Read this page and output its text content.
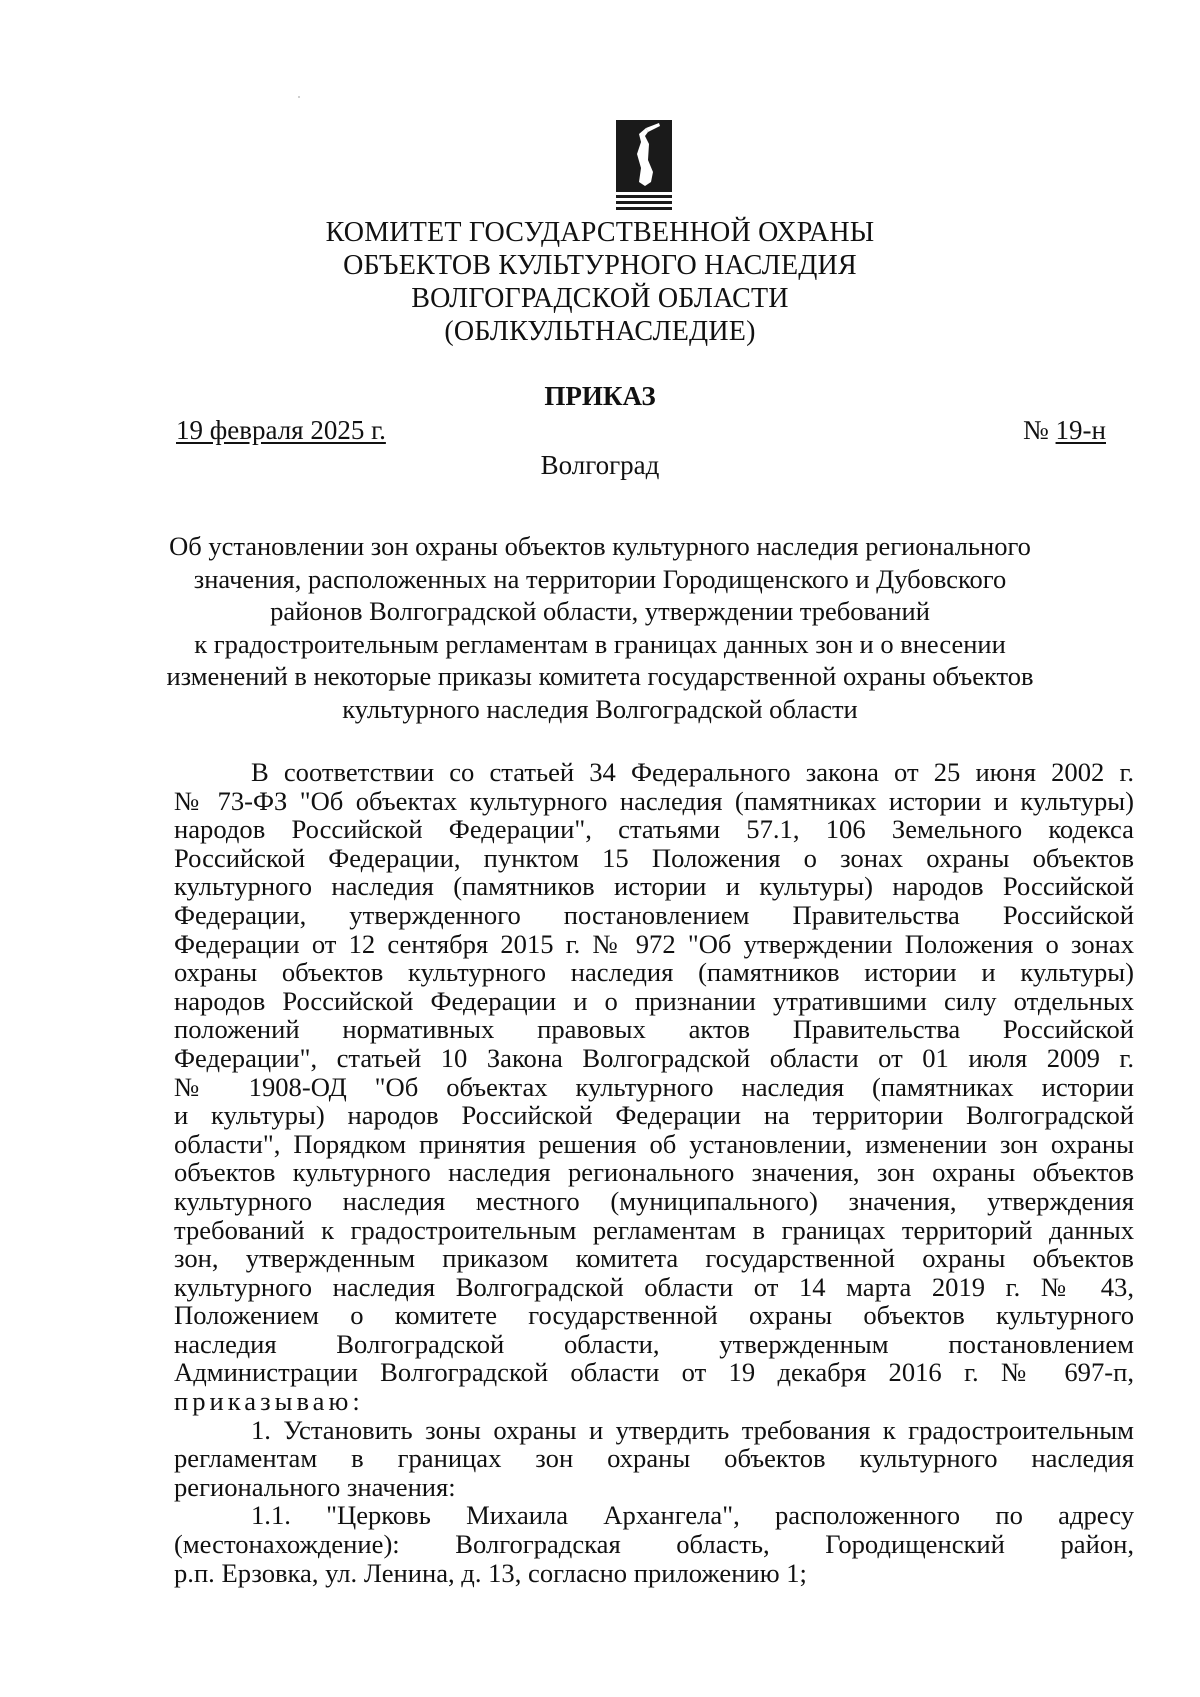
КОМИТЕТ ГОСУДАРСТВЕННОЙ ОХРАНЫ
ОБЪЕКТОВ КУЛЬТУРНОГО НАСЛЕДИЯ
ВОЛГОГРАДСКОЙ ОБЛАСТИ
(ОБЛКУЛЬТНАСЛЕДИЕ)
ПРИКАЗ
19 февраля 2025 г.	№ 19-н
Волгоград
Об установлении зон охраны объектов культурного наследия регионального
значения, расположенных на территории Городищенского и Дубовского
районов Волгоградской области, утверждении требований
к градостроительным регламентам в границах данных зон и о внесении
изменений в некоторые приказы комитета государственной охраны объектов
культурного наследия Волгоградской области
В соответствии со статьей 34 Федерального закона от 25 июня 2002 г.
№ 73-ФЗ "Об объектах культурного наследия (памятниках истории и культуры)
народов Российской Федерации", статьями 57.1, 106 Земельного кодекса
Российской Федерации, пунктом 15 Положения о зонах охраны объектов
культурного наследия (памятников истории и культуры) народов Российской
Федерации, утвержденного постановлением Правительства Российской
Федерации от 12 сентября 2015 г. № 972 "Об утверждении Положения о зонах
охраны объектов культурного наследия (памятников истории и культуры)
народов Российской Федерации и о признании утратившими силу отдельных
положений нормативных правовых актов Правительства Российской
Федерации", статьей 10 Закона Волгоградской области от 01 июля 2009 г.
№ 1908-ОД "Об объектах культурного наследия (памятниках истории
и культуры) народов Российской Федерации на территории Волгоградской
области", Порядком принятия решения об установлении, изменении зон охраны
объектов культурного наследия регионального значения, зон охраны объектов
культурного наследия местного (муниципального) значения, утверждения
требований к градостроительным регламентам в границах территорий данных
зон, утвержденным приказом комитета государственной охраны объектов
культурного наследия Волгоградской области от 14 марта 2019 г. № 43,
Положением о комитете государственной охраны объектов культурного
наследия Волгоградской области, утвержденным постановлением
Администрации Волгоградской области от 19 декабря 2016 г. № 697-п,
приказываю:
1. Установить зоны охраны и утвердить требования к градостроительным
регламентам в границах зон охраны объектов культурного наследия
регионального значения:
1.1. "Церковь Михаила Архангела", расположенного по адресу
(местонахождение): Волгоградская область, Городищенский район,
р.п. Ерзовка, ул. Ленина, д. 13, согласно приложению 1;
